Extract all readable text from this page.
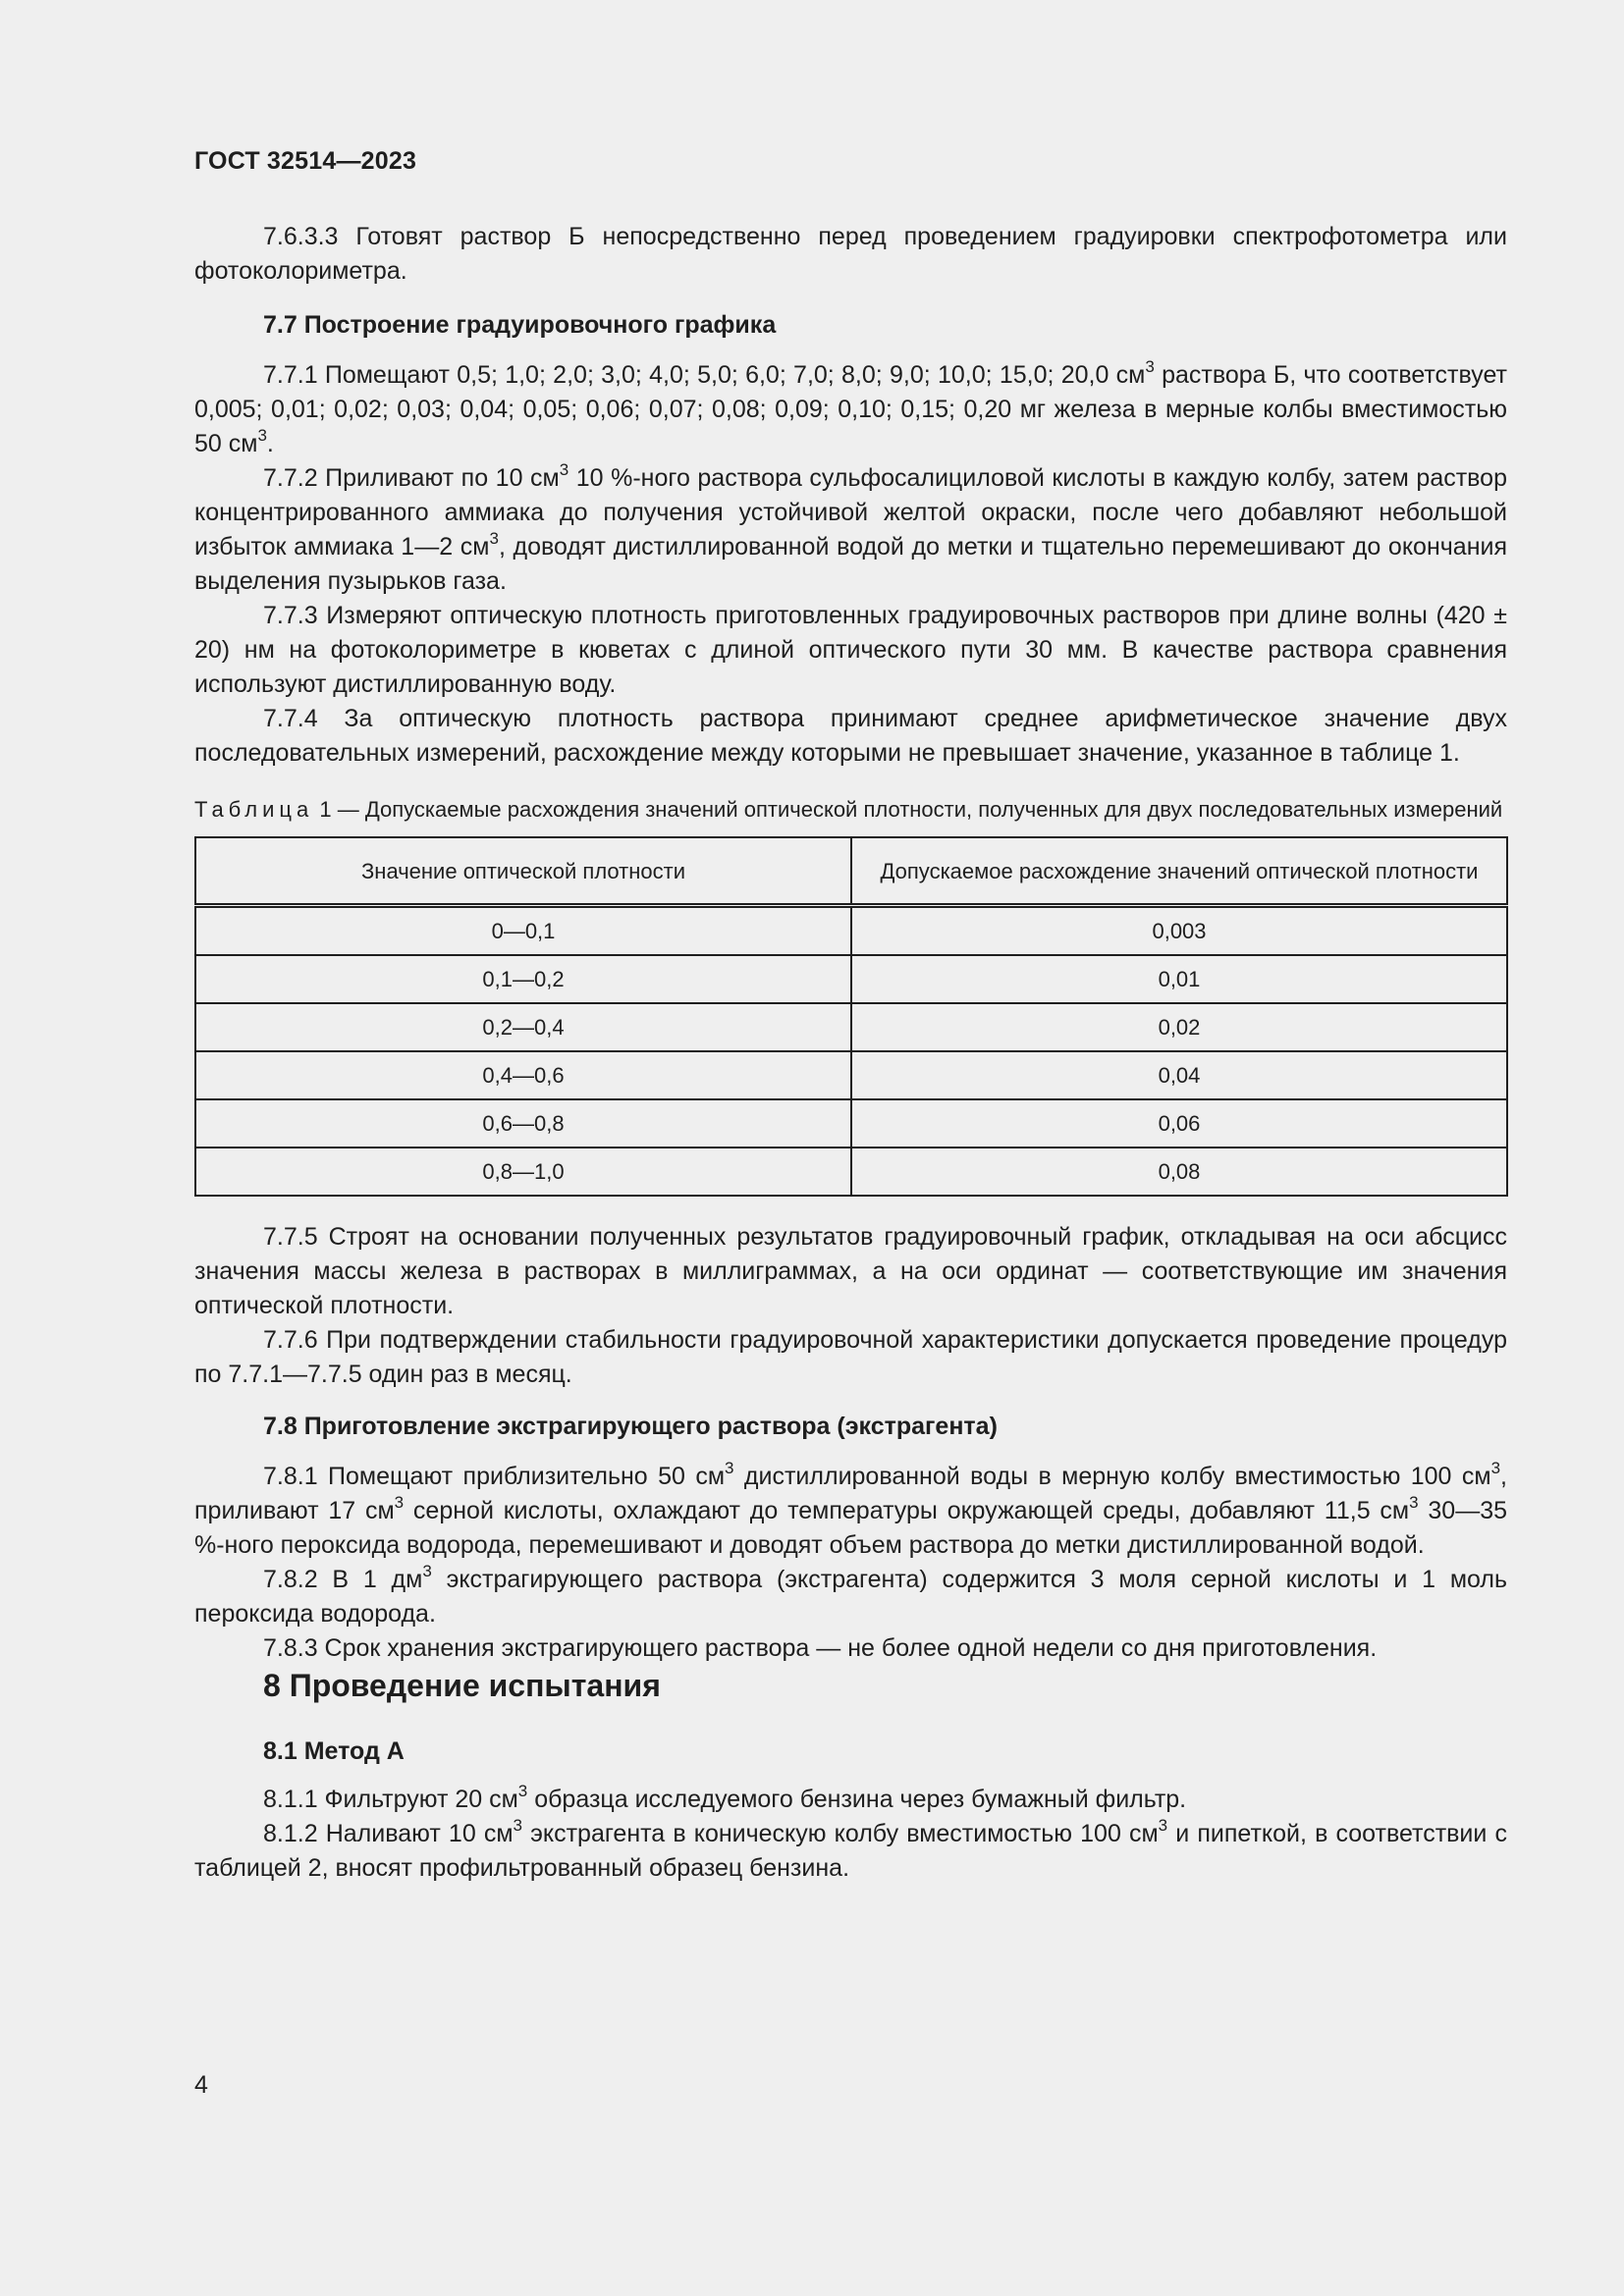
ГОСТ 32514—2023

7.6.3.3 Готовят раствор Б непосредственно перед проведением градуировки спектрофотометра или фотоколориметра.

7.7 Построение градуировочного графика

7.7.1 Помещают 0,5; 1,0; 2,0; 3,0; 4,0; 5,0; 6,0; 7,0; 8,0; 9,0; 10,0; 15,0; 20,0 $см^3$ раствора Б, что соответствует 0,005; 0,01; 0,02; 0,03; 0,04; 0,05; 0,06; 0,07; 0,08; 0,09; 0,10; 0,15; 0,20 мг железа в мерные колбы вместимостью 50 $см^3$.

7.7.2 Приливают по 10 $см^3$ 10 %-ного раствора сульфосалициловой кислоты в каждую колбу, затем раствор концентрированного аммиака до получения устойчивой желтой окраски, после чего добавляют небольшой избыток аммиака 1—2 $см^3$, доводят дистиллированной водой до метки и тщательно перемешивают до окончания выделения пузырьков газа.

7.7.3 Измеряют оптическую плотность приготовленных градуировочных растворов при длине волны (420 ± 20) нм на фотоколориметре в кюветах с длиной оптического пути 30 мм. В качестве раствора сравнения используют дистиллированную воду.

7.7.4 За оптическую плотность раствора принимают среднее арифметическое значение двух последовательных измерений, расхождение между которыми не превышает значение, указанное в таблице 1.

Таблица 1 — Допускаемые расхождения значений оптической плотности, полученных для двух последовательных измерений
Значение оптической плотности	Допускаемое расхождение значений оптической плотности
0—0,1	0,003
0,1—0,2	0,01
0,2—0,4	0,02
0,4—0,6	0,04
0,6—0,8	0,06
0,8—1,0	0,08

7.7.5 Строят на основании полученных результатов градуировочный график, откладывая на оси абсцисс значения массы железа в растворах в миллиграммах, а на оси ординат — соответствующие им значения оптической плотности.

7.7.6 При подтверждении стабильности градуировочной характеристики допускается проведение процедур по 7.7.1—7.7.5 один раз в месяц.

7.8 Приготовление экстрагирующего раствора (экстрагента)

7.8.1 Помещают приблизительно 50 $см^3$ дистиллированной воды в мерную колбу вместимостью 100 $см^3$, приливают 17 $см^3$ серной кислоты, охлаждают до температуры окружающей среды, добавляют 11,5 $см^3$ 30—35 %-ного пероксида водорода, перемешивают и доводят объем раствора до метки дистиллированной водой.

7.8.2 В 1 $дм^3$ экстрагирующего раствора (экстрагента) содержится 3 моля серной кислоты и 1 моль пероксида водорода.

7.8.3 Срок хранения экстрагирующего раствора — не более одной недели со дня приготовления.

8 Проведение испытания

8.1 Метод А

8.1.1 Фильтруют 20 $см^3$ образца исследуемого бензина через бумажный фильтр.

8.1.2 Наливают 10 $см^3$ экстрагента в коническую колбу вместимостью 100 $см^3$ и пипеткой, в соответствии с таблицей 2, вносят профильтрованный образец бензина.

4
